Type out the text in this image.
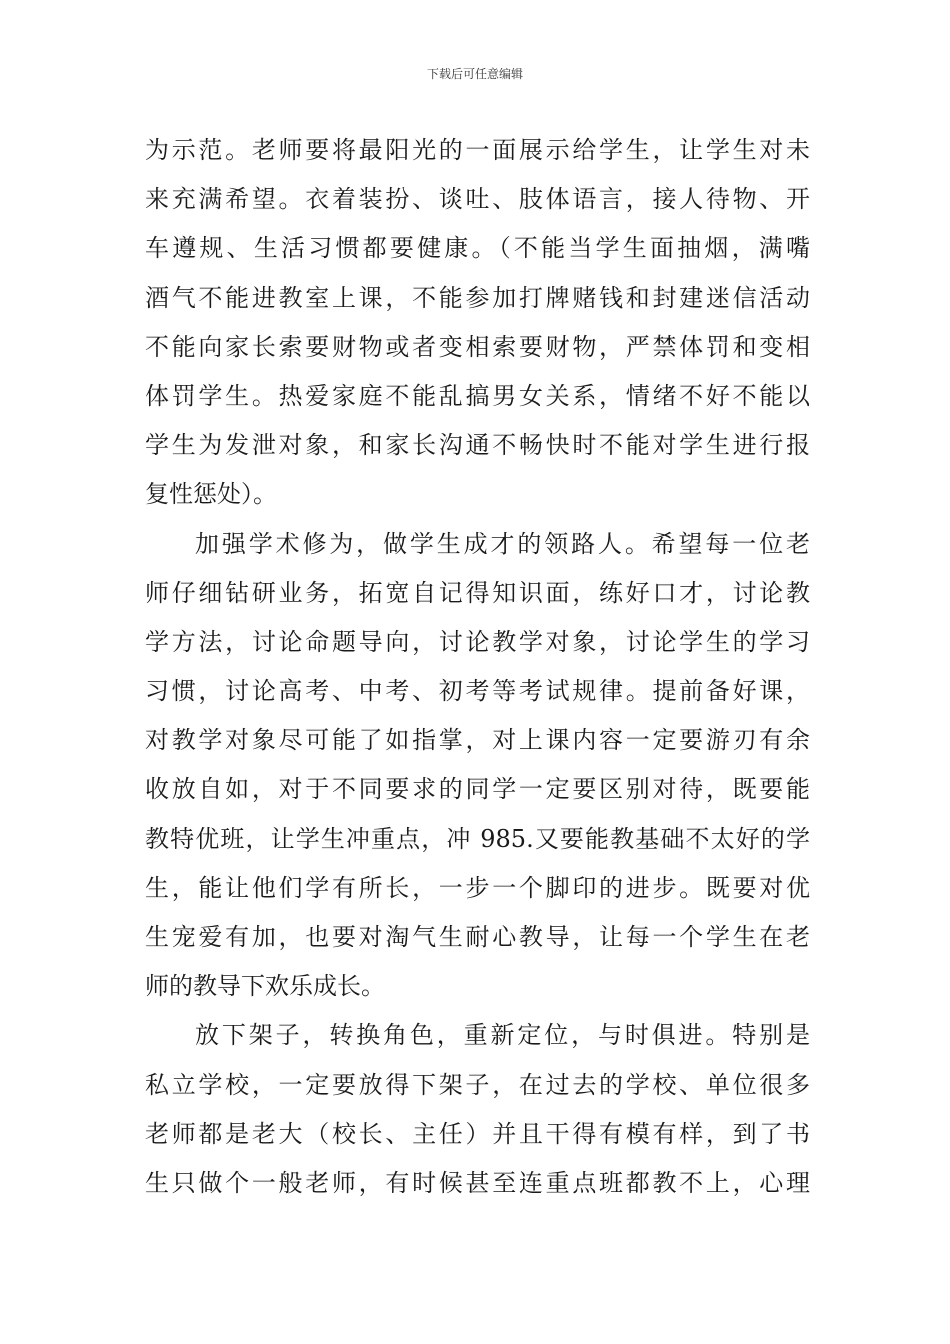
下载后可任意编辑
为示范。老师要将最阳光的一面展示给学生，让学生对未
来充满希望。衣着装扮、谈吐、肢体语言，接人待物、开
车遵规、生活习惯都要健康。（不能当学生面抽烟，满嘴
酒气不能进教室上课，不能参加打牌赌钱和封建迷信活动
不能向家长索要财物或者变相索要财物，严禁体罚和变相
体罚学生。热爱家庭不能乱搞男女关系，情绪不好不能以
学生为发泄对象，和家长沟通不畅快时不能对学生进行报
复性惩处）。
加强学术修为，做学生成才的领路人。希望每一位老
师仔细钻研业务，拓宽自记得知识面，练好口才，讨论教
学方法，讨论命题导向，讨论教学对象，讨论学生的学习
习惯，讨论高考、中考、初考等考试规律。提前备好课，
对教学对象尽可能了如指掌，对上课内容一定要游刃有余
收放自如，对于不同要求的同学一定要区别对待，既要能
教特优班，让学生冲重点，冲 985.又要能教基础不太好的学
生，能让他们学有所长，一步一个脚印的进步。既要对优
生宠爱有加，也要对淘气生耐心教导，让每一个学生在老
师的教导下欢乐成长。
放下架子，转换角色，重新定位，与时俱进。特别是
私立学校，一定要放得下架子，在过去的学校、单位很多
老师都是老大（校长、主任）并且干得有模有样，到了书
生只做个一般老师，有时候甚至连重点班都教不上，心理
